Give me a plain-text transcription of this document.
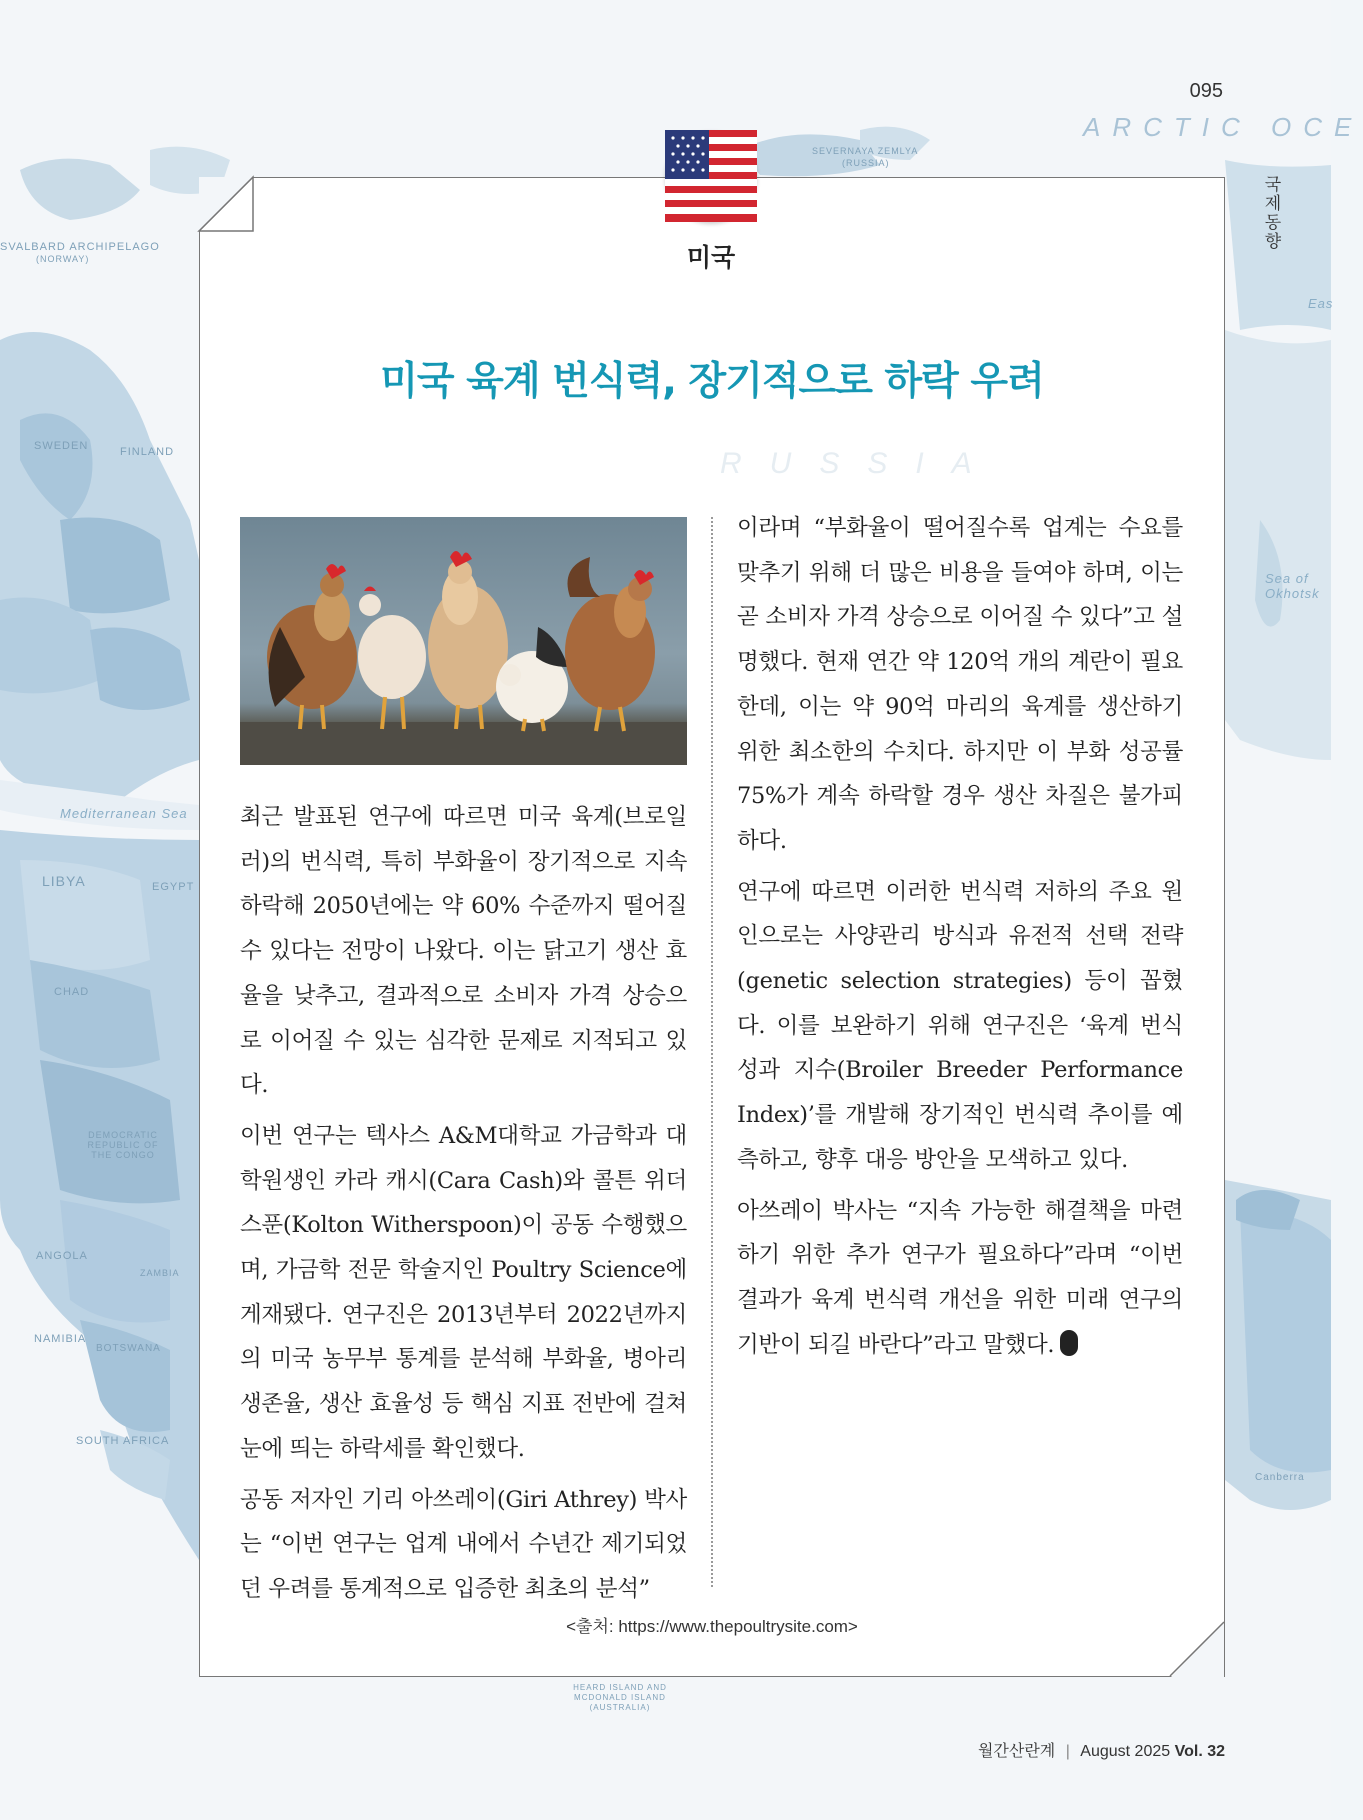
ARCTIC OCE
SVALBARD ARCHIPELAGO
(NORWAY)
SEVERNAYA ZEMLYA
(RUSSIA)
SWEDEN	FINLAND
Mediterranean Sea
LIBYA	EGYPT
CHAD
DEMOCRATIC REPUBLIC OF THE CONGO
ANGOLA
ZAMBIA
NAMIBIA
BOTSWANA
SOUTH AFRICA
Sea of Okhotsk
Eas
Canberra
HEARD ISLAND AND MCDONALD ISLAND (AUSTRALIA)
095
국제동향
RUSSIA
미국
미국 육계 번식력, 장기적으로 하락 우려

최근 발표된 연구에 따르면 미국 육계(브로일러)의 번식력, 특히 부화율이 장기적으로 지속 하락해 2050년에는 약 60% 수준까지 떨어질 수 있다는 전망이 나왔다. 이는 닭고기 생산 효율을 낮추고, 결과적으로 소비자 가격 상승으로 이어질 수 있는 심각한 문제로 지적되고 있다.

이번 연구는 텍사스 A&M대학교 가금학과 대학원생인 카라 캐시(Cara Cash)와 콜튼 위더스푼(Kolton Witherspoon)이 공동 수행했으며, 가금학 전문 학술지인 Poultry Science에 게재됐다. 연구진은 2013년부터 2022년까지의 미국 농무부 통계를 분석해 부화율, 병아리 생존율, 생산 효율성 등 핵심 지표 전반에 걸쳐 눈에 띄는 하락세를 확인했다.

공동 저자인 기리 아쓰레이(Giri Athrey) 박사는 “이번 연구는 업계 내에서 수년간 제기되었던 우려를 통계적으로 입증한 최초의 분석”

이라며 “부화율이 떨어질수록 업계는 수요를 맞추기 위해 더 많은 비용을 들여야 하며, 이는 곧 소비자 가격 상승으로 이어질 수 있다”고 설명했다. 현재 연간 약 120억 개의 계란이 필요한데, 이는 약 90억 마리의 육계를 생산하기 위한 최소한의 수치다. 하지만 이 부화 성공률 75%가 계속 하락할 경우 생산 차질은 불가피하다.

연구에 따르면 이러한 번식력 저하의 주요 원인으로는 사양관리 방식과 유전적 선택 전략(genetic selection strategies) 등이 꼽혔다. 이를 보완하기 위해 연구진은 ‘육계 번식 성과 지수(Broiler Breeder Performance Index)’를 개발해 장기적인 번식력 추이를 예측하고, 향후 대응 방안을 모색하고 있다.

아쓰레이 박사는 “지속 가능한 해결책을 마련하기 위한 추가 연구가 필요하다”라며 “이번 결과가 육계 번식력 개선을 위한 미래 연구의 기반이 되길 바란다”라고 말했다.

<출처: https://www.thepoultrysite.com>
월간산란계 | August 2025 Vol. 32
